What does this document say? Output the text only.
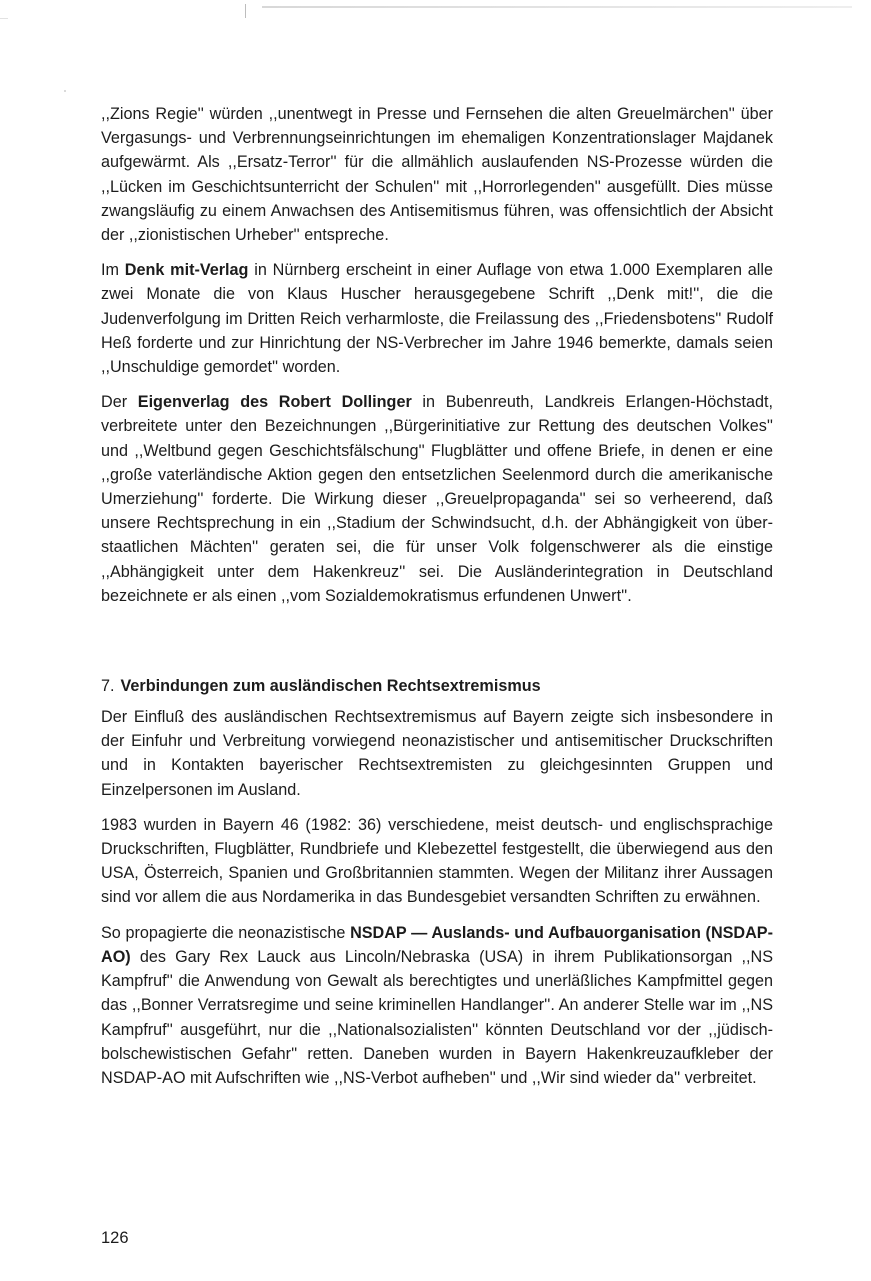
,,Zions Regie'' würden ,,unentwegt in Presse und Fernsehen die alten Greuelmärchen'' über Vergasungs- und Verbrennungseinrichtungen im ehemaligen Konzentrationslager Majdanek aufgewärmt. Als ,,Ersatz-Terror'' für die allmählich auslaufenden NS-Prozesse würden die ,,Lücken im Geschichtsunterricht der Schulen'' mit ,,Horrorlegenden'' ausgefüllt. Dies müsse zwangsläufig zu einem Anwachsen des Antisemitismus führen, was offensichtlich der Absicht der ,,zionistischen Urheber'' entspreche.

Im Denk mit-Verlag in Nürnberg erscheint in einer Auflage von etwa 1.000 Exemplaren alle zwei Monate die von Klaus Huscher herausgegebene Schrift ,,Denk mit!'', die die Judenverfolgung im Dritten Reich verharmloste, die Freilassung des ,,Friedensbotens'' Rudolf Heß forderte und zur Hinrichtung der NS-Verbrecher im Jahre 1946 bemerkte, damals seien ,,Unschuldige gemordet'' worden.

Der Eigenverlag des Robert Dollinger in Bubenreuth, Landkreis Erlangen-Höchstadt, verbreitete unter den Bezeichnungen ,,Bürgerinitiative zur Rettung des deutschen Volkes'' und ,,Weltbund gegen Geschichtsfälschung'' Flugblätter und offene Briefe, in denen er eine ,,große vaterländische Aktion gegen den entsetzlichen Seelenmord durch die amerikanische Umerziehung'' forderte. Die Wirkung dieser ,,Greuelpropaganda'' sei so verheerend, daß unsere Rechtsprechung in ein ,,Stadium der Schwindsucht, d.h. der Abhängigkeit von überstaatlichen Mächten'' geraten sei, die für unser Volk folgenschwerer als die einstige ,,Abhängigkeit unter dem Hakenkreuz'' sei. Die Ausländerintegration in Deutschland bezeichnete er als einen ,,vom Sozialdemokratismus erfundenen Unwert''.

7. Verbindungen zum ausländischen Rechtsextremismus

Der Einfluß des ausländischen Rechtsextremismus auf Bayern zeigte sich insbesondere in der Einfuhr und Verbreitung vorwiegend neonazistischer und antisemitischer Druckschriften und in Kontakten bayerischer Rechtsextremisten zu gleichgesinnten Gruppen und Einzelpersonen im Ausland.

1983 wurden in Bayern 46 (1982: 36) verschiedene, meist deutsch- und englischsprachige Druckschriften, Flugblätter, Rundbriefe und Klebezettel festgestellt, die überwiegend aus den USA, Österreich, Spanien und Großbritannien stammten. Wegen der Militanz ihrer Aussagen sind vor allem die aus Nordamerika in das Bundesgebiet versandten Schriften zu erwähnen.

So propagierte die neonazistische NSDAP — Auslands- und Aufbauorganisation (NSDAP-AO) des Gary Rex Lauck aus Lincoln/Nebraska (USA) in ihrem Publikationsorgan ,,NS Kampfruf'' die Anwendung von Gewalt als berechtigtes und unerläßliches Kampfmittel gegen das ,,Bonner Verratsregime und seine kriminellen Handlanger''. An anderer Stelle war im ,,NS Kampfruf'' ausgeführt, nur die ,,Nationalsozialisten'' könnten Deutschland vor der ,,jüdisch-bolschewistischen Gefahr'' retten. Daneben wurden in Bayern Hakenkreuzaufkleber der NSDAP-AO mit Aufschriften wie ,,NS-Verbot aufheben'' und ,,Wir sind wieder da'' verbreitet.

126
